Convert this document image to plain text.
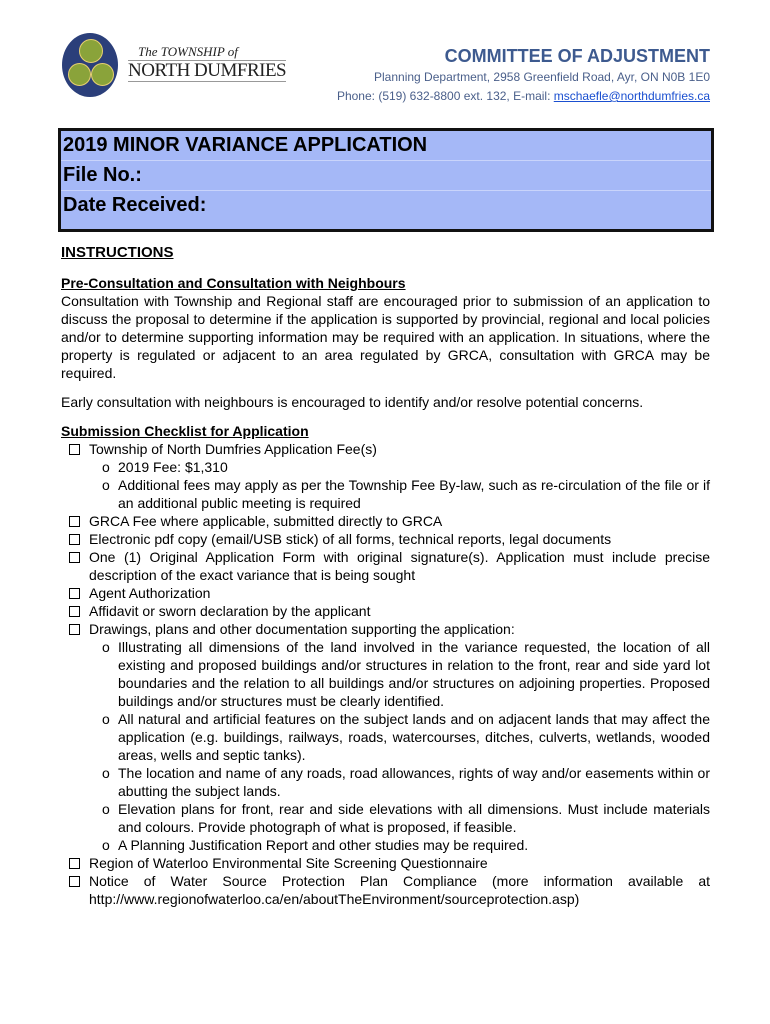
The TOWNSHIP of
NORTH DUMFRIES
COMMITTEE OF ADJUSTMENT
Planning Department, 2958 Greenfield Road, Ayr, ON N0B 1E0
Phone: (519) 632-8800 ext. 132, E-mail: mschaefle@northdumfries.ca
2019 MINOR VARIANCE APPLICATION
File No.:
Date Received:
INSTRUCTIONS
Pre-Consultation and Consultation with Neighbours

Consultation with Township and Regional staff are encouraged prior to submission of an application to discuss the proposal to determine if the application is supported by provincial, regional and local policies and/or to determine supporting information may be required with an application. In situations, where the property is regulated or adjacent to an area regulated by GRCA, consultation with GRCA may be required.

Early consultation with neighbours is encouraged to identify and/or resolve potential concerns.

Submission Checklist for Application
Township of North Dumfries Application Fee(s)
o 2019 Fee: $1,310
o Additional fees may apply as per the Township Fee By-law, such as re-circulation of the file or if an additional public meeting is required
GRCA Fee where applicable, submitted directly to GRCA
Electronic pdf copy (email/USB stick) of all forms, technical reports, legal documents
One (1) Original Application Form with original signature(s). Application must include precise description of the exact variance that is being sought
Agent Authorization
Affidavit or sworn declaration by the applicant
Drawings, plans and other documentation supporting the application:
o Illustrating all dimensions of the land involved in the variance requested, the location of all existing and proposed buildings and/or structures in relation to the front, rear and side yard lot boundaries and the relation to all buildings and/or structures on adjoining properties. Proposed buildings and/or structures must be clearly identified.
o All natural and artificial features on the subject lands and on adjacent lands that may affect the application (e.g. buildings, railways, roads, watercourses, ditches, culverts, wetlands, wooded areas, wells and septic tanks).
o The location and name of any roads, road allowances, rights of way and/or easements within or abutting the subject lands.
o Elevation plans for front, rear and side elevations with all dimensions. Must include materials and colours. Provide photograph of what is proposed, if feasible.
o A Planning Justification Report and other studies may be required.
Region of Waterloo Environmental Site Screening Questionnaire
Notice of Water Source Protection Plan Compliance (more information available at http://www.regionofwaterloo.ca/en/aboutTheEnvironment/sourceprotection.asp)
